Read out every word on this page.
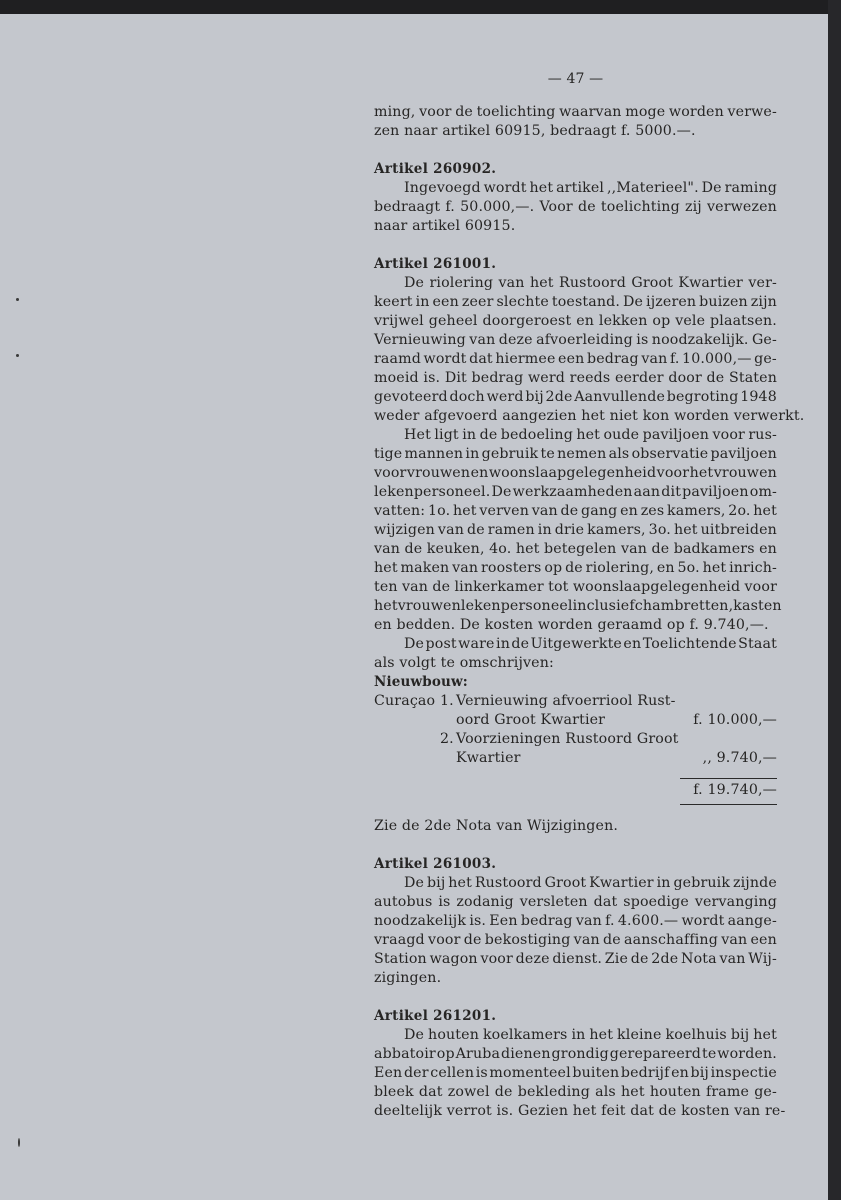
— 47 —
ming, voor de toelichting waarvan moge worden verwe-
zen naar artikel 60915, bedraagt f. 5000.—.
Artikel 260902.
Ingevoegd wordt het artikel ,,Materieel". De raming
bedraagt f. 50.000,—. Voor de toelichting zij verwezen
naar artikel 60915.
Artikel 261001.
De riolering van het Rustoord Groot Kwartier ver-
keert in een zeer slechte toestand. De ijzeren buizen zijn
vrijwel geheel doorgeroest en lekken op vele plaatsen.
Vernieuwing van deze afvoerleiding is noodzakelijk. Ge-
raamd wordt dat hiermee een bedrag van f. 10.000,— ge-
moeid is. Dit bedrag werd reeds eerder door de Staten
gevoteerd doch werd bij 2de Aanvullende begroting 1948
weder afgevoerd aangezien het niet kon worden verwerkt.
Het ligt in de bedoeling het oude paviljoen voor rus-
tige mannen in gebruik te nemen als observatie paviljoen
voor vrouwen en woonslaapgelegenheid voor het vrouwen
lekenpersoneel. De werkzaamheden aan dit paviljoen om-
vatten: 1o. het verven van de gang en zes kamers, 2o. het
wijzigen van de ramen in drie kamers, 3o. het uitbreiden
van de keuken, 4o. het betegelen van de badkamers en
het maken van roosters op de riolering, en 5o. het inrich-
ten van de linkerkamer tot woonslaapgelegenheid voor
het vrouwenlekenpersoneel inclusief chambretten, kasten
en bedden. De kosten worden geraamd op f. 9.740,—.
De post ware in de Uitgewerkte en Toelichtende Staat
als volgt te omschrijven:
Nieuwbouw:
Curaçao 1. Vernieuwing afvoerriool Rust-
oord Groot Kwartier	f. 10.000,—
2. Voorzieningen Rustoord Groot
Kwartier	,, 9.740,—
f. 19.740,—
Zie de 2de Nota van Wijzigingen.
Artikel 261003.
De bij het Rustoord Groot Kwartier in gebruik zijnde
autobus is zodanig versleten dat spoedige vervanging
noodzakelijk is. Een bedrag van f. 4.600.— wordt aange-
vraagd voor de bekostiging van de aanschaffing van een
Station wagon voor deze dienst. Zie de 2de Nota van Wij-
zigingen.
Artikel 261201.
De houten koelkamers in het kleine koelhuis bij het
abbatoir op Aruba dienen grondig gerepareerd te worden.
Een der cellen is momenteel buiten bedrijf en bij inspectie
bleek dat zowel de bekleding als het houten frame ge-
deeltelijk verrot is. Gezien het feit dat de kosten van re-
